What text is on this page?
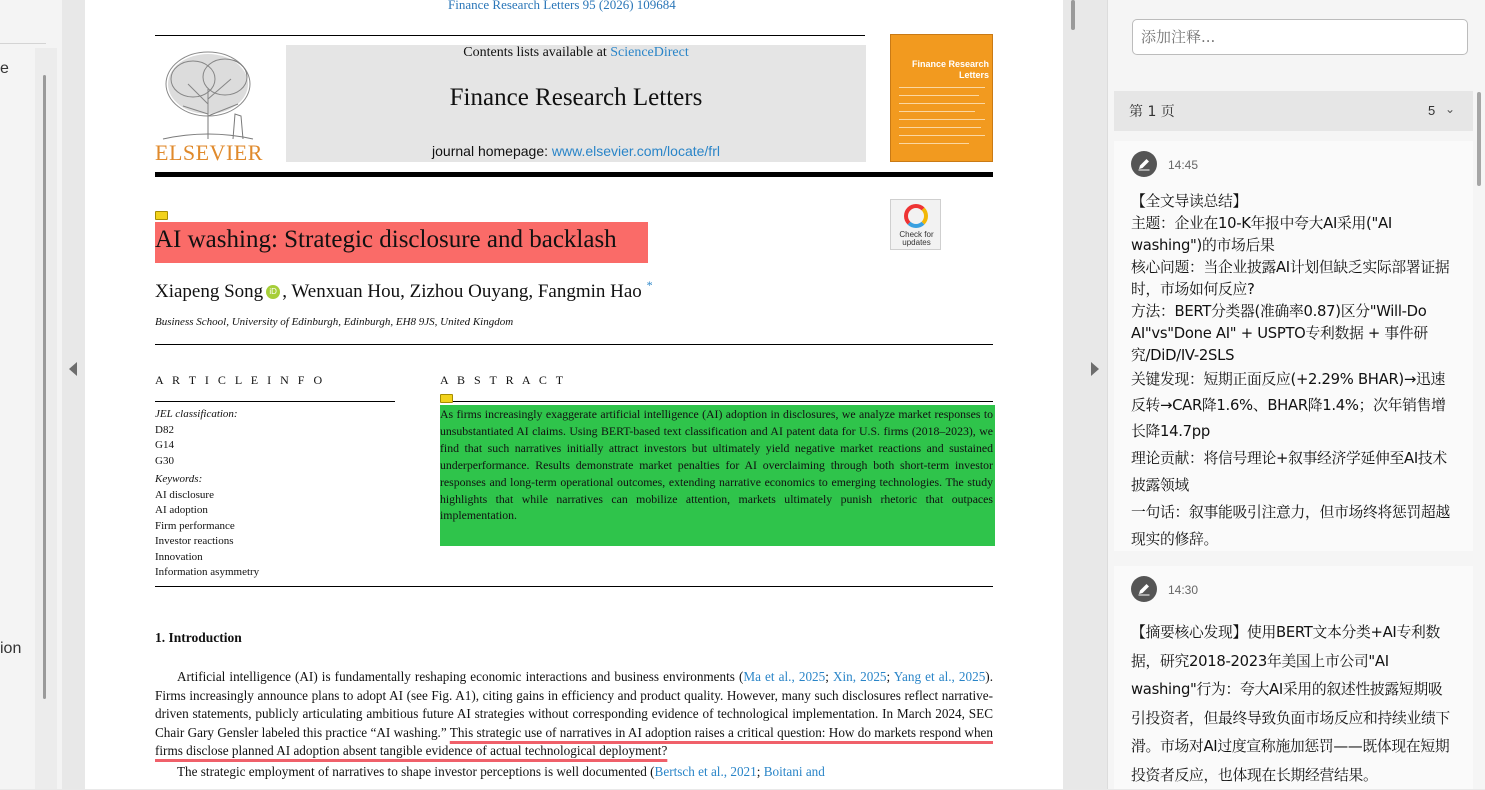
e
ion
Finance Research Letters 95 (2026) 109684
ELSEVIER
Contents lists available at ScienceDirect
Finance Research Letters
journal homepage: www.elsevier.com/locate/frl
Finance Research Letters
AI washing: Strategic disclosure and backlash	Check for updates
Xiapeng Song iD , Wenxuan Hou, Zizhou Ouyang, Fangmin Hao *
Business School, University of Edinburgh, Edinburgh, EH8 9JS, United Kingdom
A R T I C L E I N F O	A B S T R A C T
JEL classification:
D82
G14
G30
Keywords:
AI disclosure
AI adoption
Firm performance
Investor reactions
Innovation
Information asymmetry
As firms increasingly exaggerate artificial intelligence (AI) adoption in disclosures, we analyze market responses to unsubstantiated AI claims. Using BERT-based text classification and AI patent data for U.S. firms (2018–2023), we find that such narratives initially attract investors but ultimately yield negative market reactions and sustained underperformance. Results demonstrate market penalties for AI overclaiming through both short-term investor responses and long-term operational outcomes, extending narrative economics to emerging technologies. The study highlights that while narratives can mobilize attention, markets ultimately punish rhetoric that outpaces implementation.
1. Introduction
Artificial intelligence (AI) is fundamentally reshaping economic interactions and business environments (Ma et al., 2025; Xin, 2025; Yang et al., 2025). Firms increasingly announce plans to adopt AI (see Fig. A1), citing gains in efficiency and product quality. However, many such disclosures reflect narrative-driven statements, publicly articulating ambitious future AI strategies without corresponding evidence of technological implementation. In March 2024, SEC Chair Gary Gensler labeled this practice “AI washing.” This strategic use of narratives in AI adoption raises a critical question: How do markets respond when firms disclose planned AI adoption absent tangible evidence of actual technological deployment?
The strategic employment of narratives to shape investor perceptions is well documented (Bertsch et al., 2021; Boitani and
添加注释...
第 1 页	5 ⌄
14:45
【全文导读总结】
主题：企业在10-K年报中夸大AI采用("AI washing")的市场后果
核心问题：当企业披露AI计划但缺乏实际部署证据时，市场如何反应?
方法：BERT分类器(准确率0.87)区分"Will-Do AI"vs"Done AI" + USPTO专利数据 + 事件研究/DiD/IV-2SLS
关键发现：短期正面反应(+2.29% BHAR)→迅速反转→CAR降1.6%、BHAR降1.4%；次年销售增长降14.7pp
理论贡献：将信号理论+叙事经济学延伸至AI技术披露领域
一句话：叙事能吸引注意力，但市场终将惩罚超越现实的修辞。
14:30
【摘要核心发现】使用BERT文本分类+AI专利数据，研究2018-2023年美国上市公司"AI washing"行为：夸大AI采用的叙述性披露短期吸引投资者，但最终导致负面市场反应和持续业绩下滑。市场对AI过度宣称施加惩罚——既体现在短期投资者反应，也体现在长期经营结果。
